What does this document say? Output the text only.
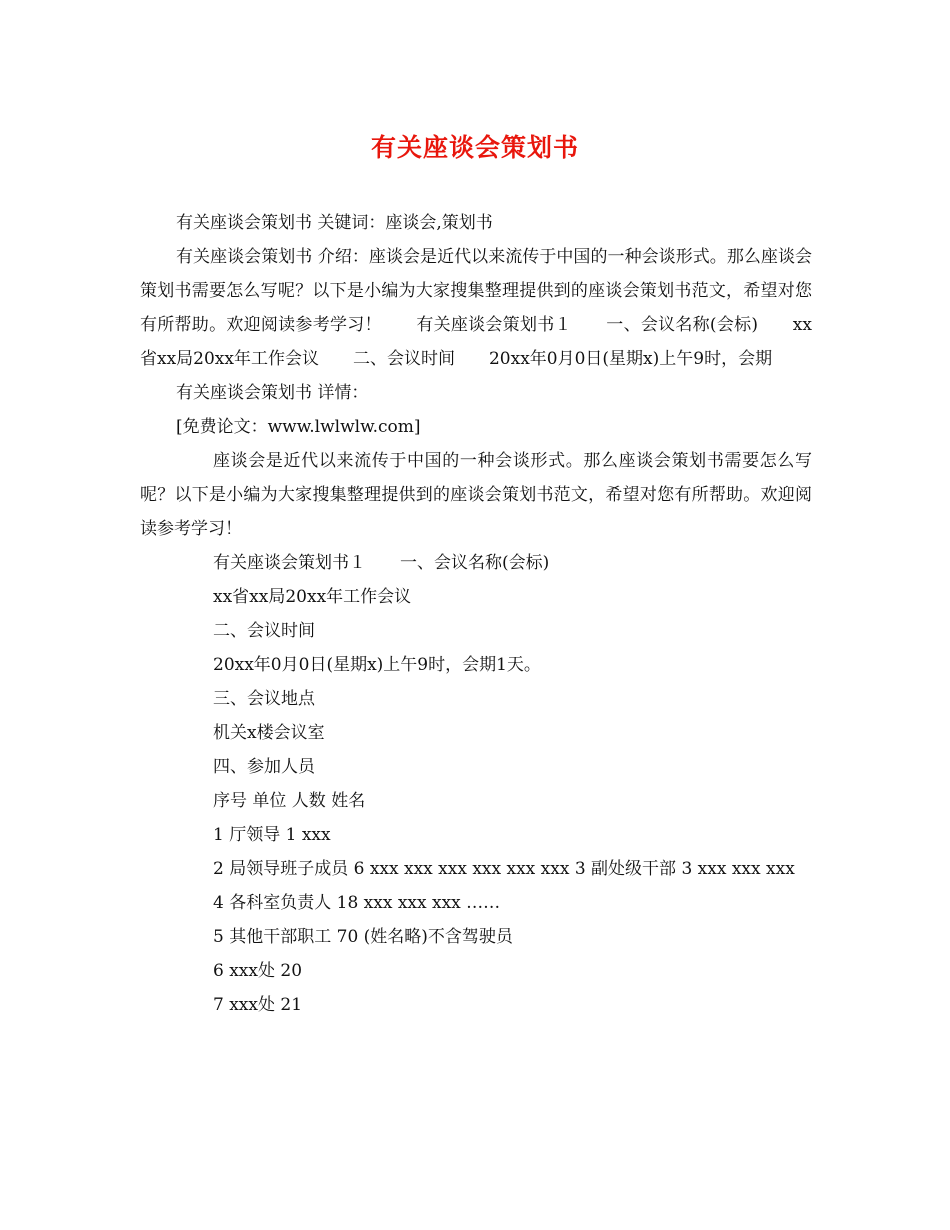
有关座谈会策划书

有关座谈会策划书 关键词：座谈会,策划书

有关座谈会策划书 介绍：座谈会是近代以来流传于中国的一种会谈形式。那么座谈会策划书需要怎么写呢？以下是小编为大家搜集整理提供到的座谈会策划书范文，希望对您有所帮助。欢迎阅读参考学习！　　有关座谈会策划书１　　一、会议名称(会标)　　xx省xx局20xx年工作会议　　二、会议时间　　20xx年0月0日(星期x)上午9时，会期

有关座谈会策划书 详情：

[免费论文：www.lwlwlw.com]

座谈会是近代以来流传于中国的一种会谈形式。那么座谈会策划书需要怎么写呢？以下是小编为大家搜集整理提供到的座谈会策划书范文，希望对您有所帮助。欢迎阅读参考学习！

有关座谈会策划书１　　一、会议名称(会标)

xx省xx局20xx年工作会议

二、会议时间

20xx年0月0日(星期x)上午9时，会期1天。

三、会议地点

机关x楼会议室

四、参加人员

序号 单位 人数 姓名

1 厅领导 1 xxx

2 局领导班子成员 6 xxx xxx xxx xxx xxx xxx 3 副处级干部 3 xxx xxx xxx

4 各科室负责人 18 xxx xxx xxx ……

5 其他干部职工 70 (姓名略)不含驾驶员

6 xxx处 20

7 xxx处 21
